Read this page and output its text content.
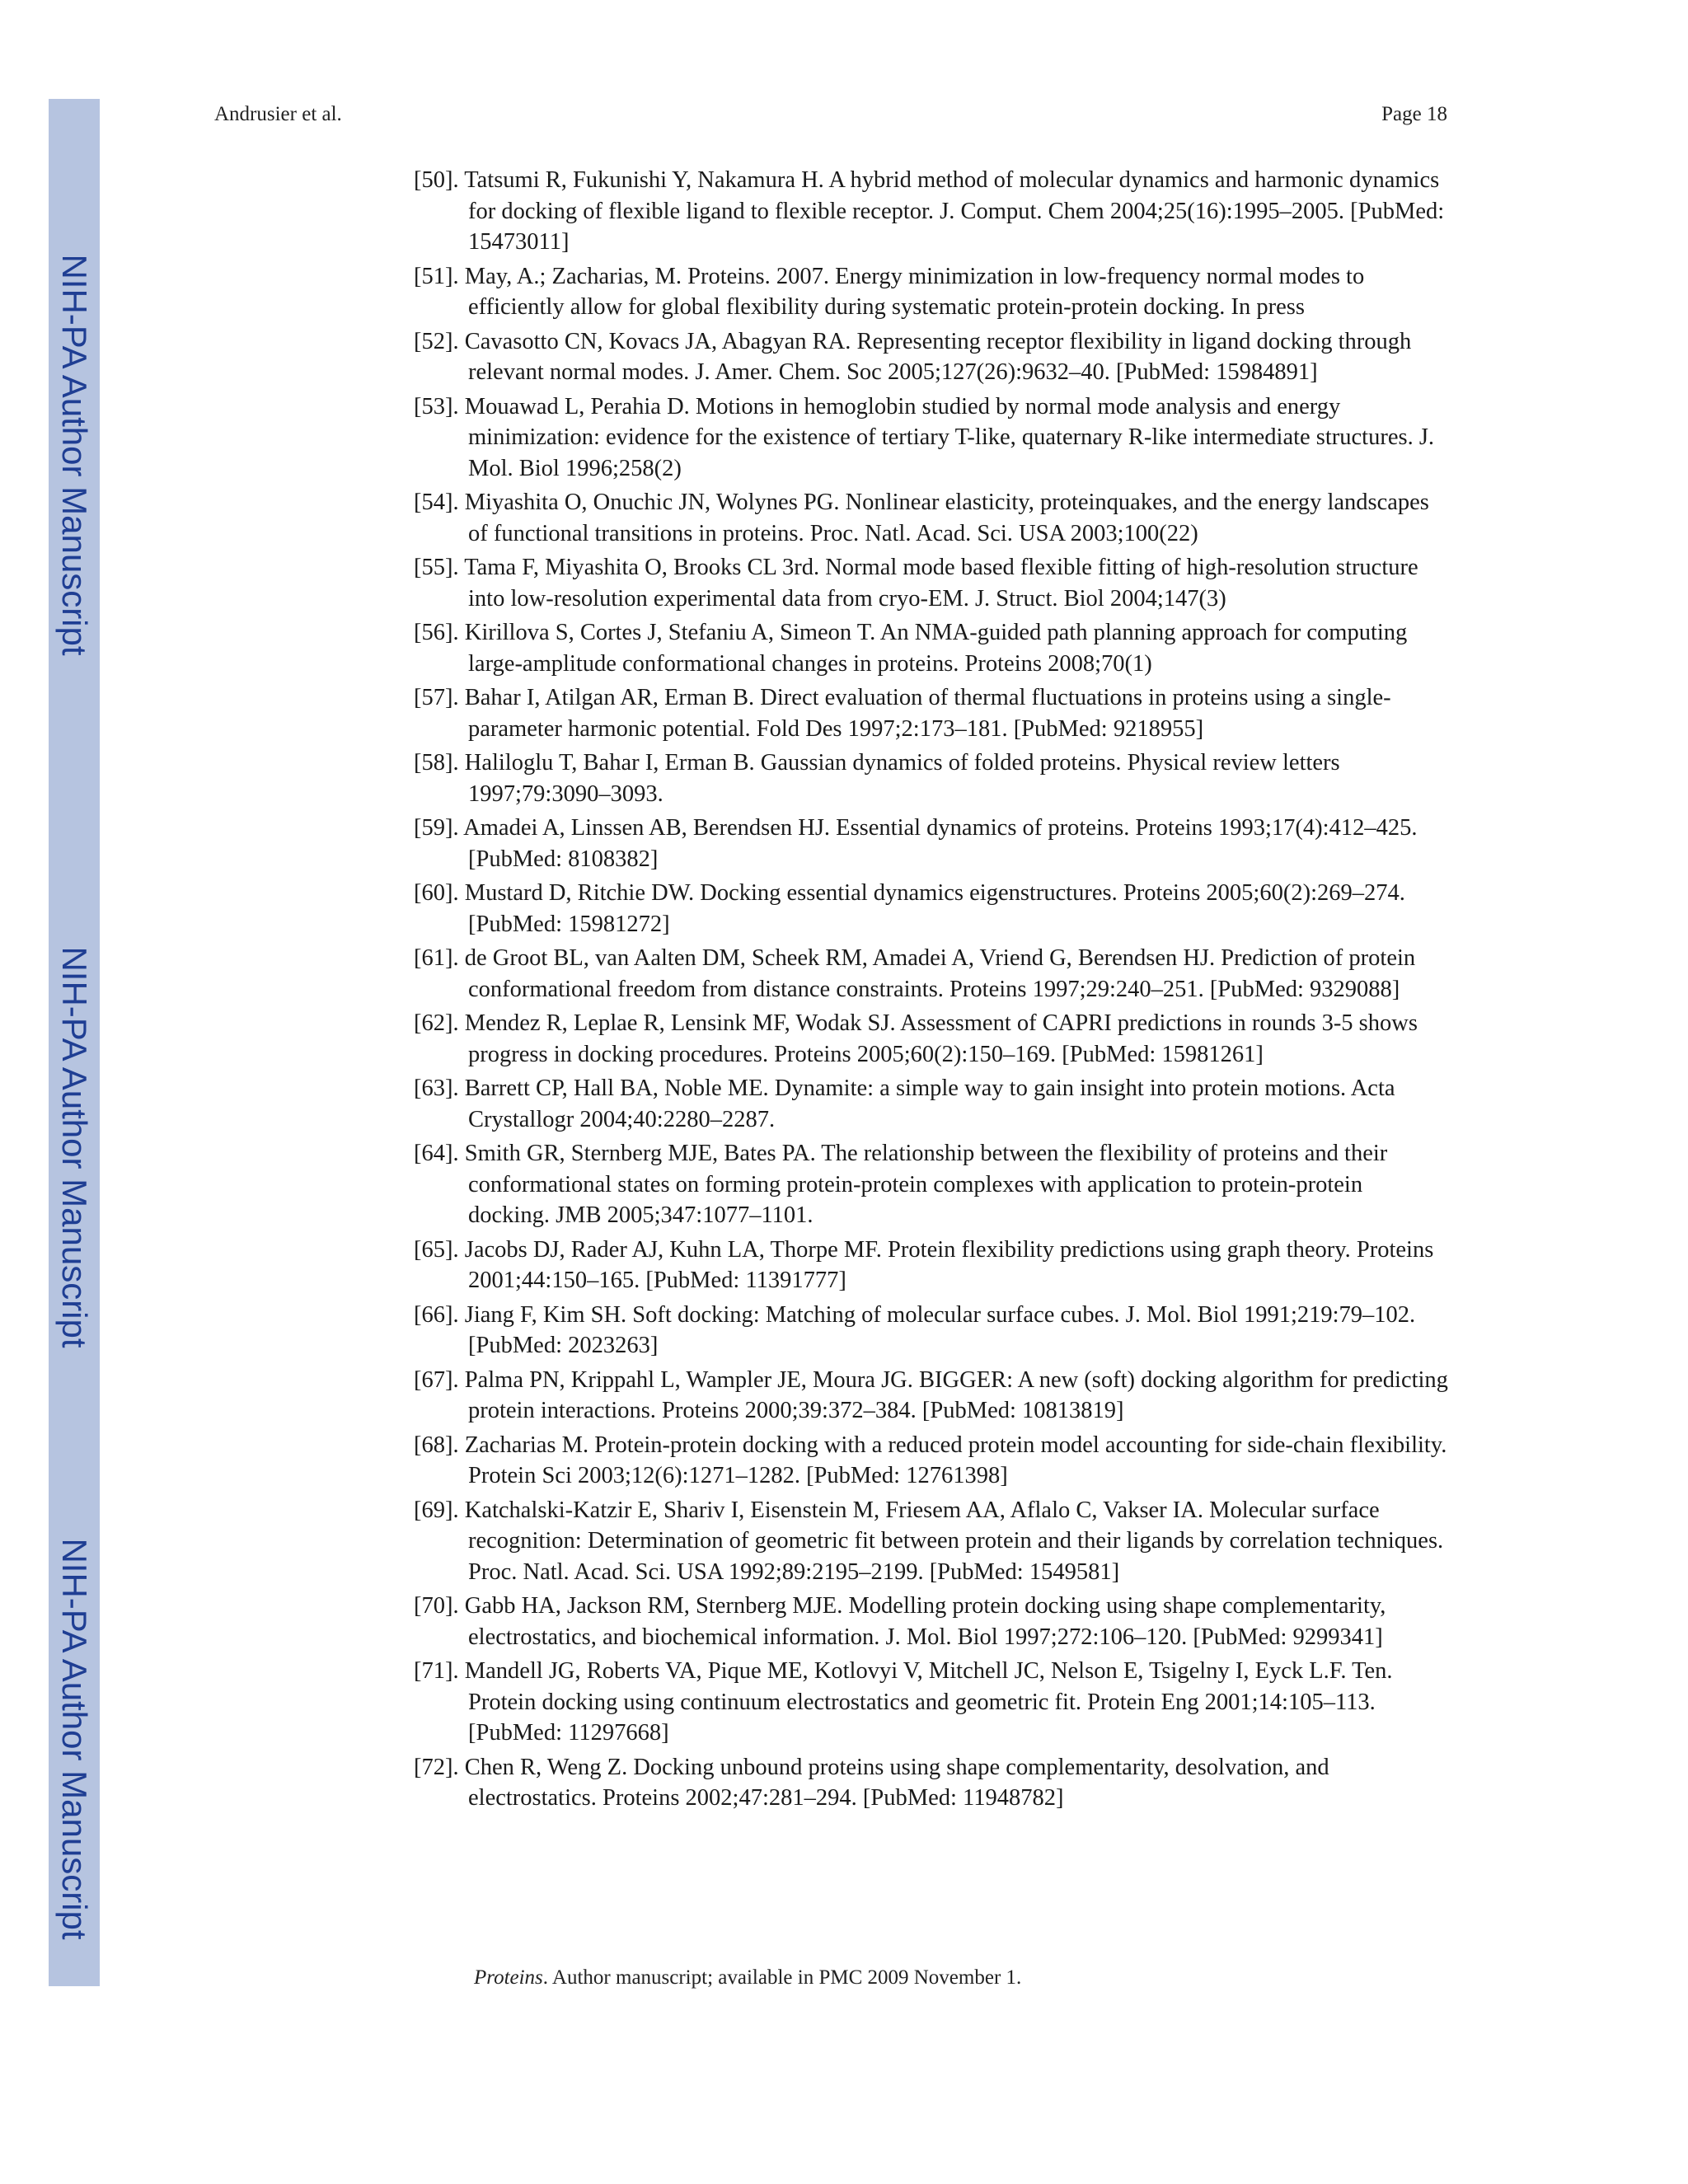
NIH-PA Author Manuscript
NIH-PA Author Manuscript
NIH-PA Author Manuscript
Andrusier et al.	Page 18
[50]. Tatsumi R, Fukunishi Y, Nakamura H. A hybrid method of molecular dynamics and harmonic dynamics for docking of flexible ligand to flexible receptor. J. Comput. Chem 2004;25(16):1995–2005. [PubMed: 15473011]
[51]. May, A.; Zacharias, M. Proteins. 2007. Energy minimization in low-frequency normal modes to efficiently allow for global flexibility during systematic protein-protein docking. In press
[52]. Cavasotto CN, Kovacs JA, Abagyan RA. Representing receptor flexibility in ligand docking through relevant normal modes. J. Amer. Chem. Soc 2005;127(26):9632–40. [PubMed: 15984891]
[53]. Mouawad L, Perahia D. Motions in hemoglobin studied by normal mode analysis and energy minimization: evidence for the existence of tertiary T-like, quaternary R-like intermediate structures. J. Mol. Biol 1996;258(2)
[54]. Miyashita O, Onuchic JN, Wolynes PG. Nonlinear elasticity, proteinquakes, and the energy landscapes of functional transitions in proteins. Proc. Natl. Acad. Sci. USA 2003;100(22)
[55]. Tama F, Miyashita O, Brooks CL 3rd. Normal mode based flexible fitting of high-resolution structure into low-resolution experimental data from cryo-EM. J. Struct. Biol 2004;147(3)
[56]. Kirillova S, Cortes J, Stefaniu A, Simeon T. An NMA-guided path planning approach for computing large-amplitude conformational changes in proteins. Proteins 2008;70(1)
[57]. Bahar I, Atilgan AR, Erman B. Direct evaluation of thermal fluctuations in proteins using a single-parameter harmonic potential. Fold Des 1997;2:173–181. [PubMed: 9218955]
[58]. Haliloglu T, Bahar I, Erman B. Gaussian dynamics of folded proteins. Physical review letters 1997;79:3090–3093.
[59]. Amadei A, Linssen AB, Berendsen HJ. Essential dynamics of proteins. Proteins 1993;17(4):412–425. [PubMed: 8108382]
[60]. Mustard D, Ritchie DW. Docking essential dynamics eigenstructures. Proteins 2005;60(2):269–274. [PubMed: 15981272]
[61]. de Groot BL, van Aalten DM, Scheek RM, Amadei A, Vriend G, Berendsen HJ. Prediction of protein conformational freedom from distance constraints. Proteins 1997;29:240–251. [PubMed: 9329088]
[62]. Mendez R, Leplae R, Lensink MF, Wodak SJ. Assessment of CAPRI predictions in rounds 3-5 shows progress in docking procedures. Proteins 2005;60(2):150–169. [PubMed: 15981261]
[63]. Barrett CP, Hall BA, Noble ME. Dynamite: a simple way to gain insight into protein motions. Acta Crystallogr 2004;40:2280–2287.
[64]. Smith GR, Sternberg MJE, Bates PA. The relationship between the flexibility of proteins and their conformational states on forming protein-protein complexes with application to protein-protein docking. JMB 2005;347:1077–1101.
[65]. Jacobs DJ, Rader AJ, Kuhn LA, Thorpe MF. Protein flexibility predictions using graph theory. Proteins 2001;44:150–165. [PubMed: 11391777]
[66]. Jiang F, Kim SH. Soft docking: Matching of molecular surface cubes. J. Mol. Biol 1991;219:79–102. [PubMed: 2023263]
[67]. Palma PN, Krippahl L, Wampler JE, Moura JG. BIGGER: A new (soft) docking algorithm for predicting protein interactions. Proteins 2000;39:372–384. [PubMed: 10813819]
[68]. Zacharias M. Protein-protein docking with a reduced protein model accounting for side-chain flexibility. Protein Sci 2003;12(6):1271–1282. [PubMed: 12761398]
[69]. Katchalski-Katzir E, Shariv I, Eisenstein M, Friesem AA, Aflalo C, Vakser IA. Molecular surface recognition: Determination of geometric fit between protein and their ligands by correlation techniques. Proc. Natl. Acad. Sci. USA 1992;89:2195–2199. [PubMed: 1549581]
[70]. Gabb HA, Jackson RM, Sternberg MJE. Modelling protein docking using shape complementarity, electrostatics, and biochemical information. J. Mol. Biol 1997;272:106–120. [PubMed: 9299341]
[71]. Mandell JG, Roberts VA, Pique ME, Kotlovyi V, Mitchell JC, Nelson E, Tsigelny I, Eyck L.F. Ten. Protein docking using continuum electrostatics and geometric fit. Protein Eng 2001;14:105–113. [PubMed: 11297668]
[72]. Chen R, Weng Z. Docking unbound proteins using shape complementarity, desolvation, and electrostatics. Proteins 2002;47:281–294. [PubMed: 11948782]
Proteins. Author manuscript; available in PMC 2009 November 1.
